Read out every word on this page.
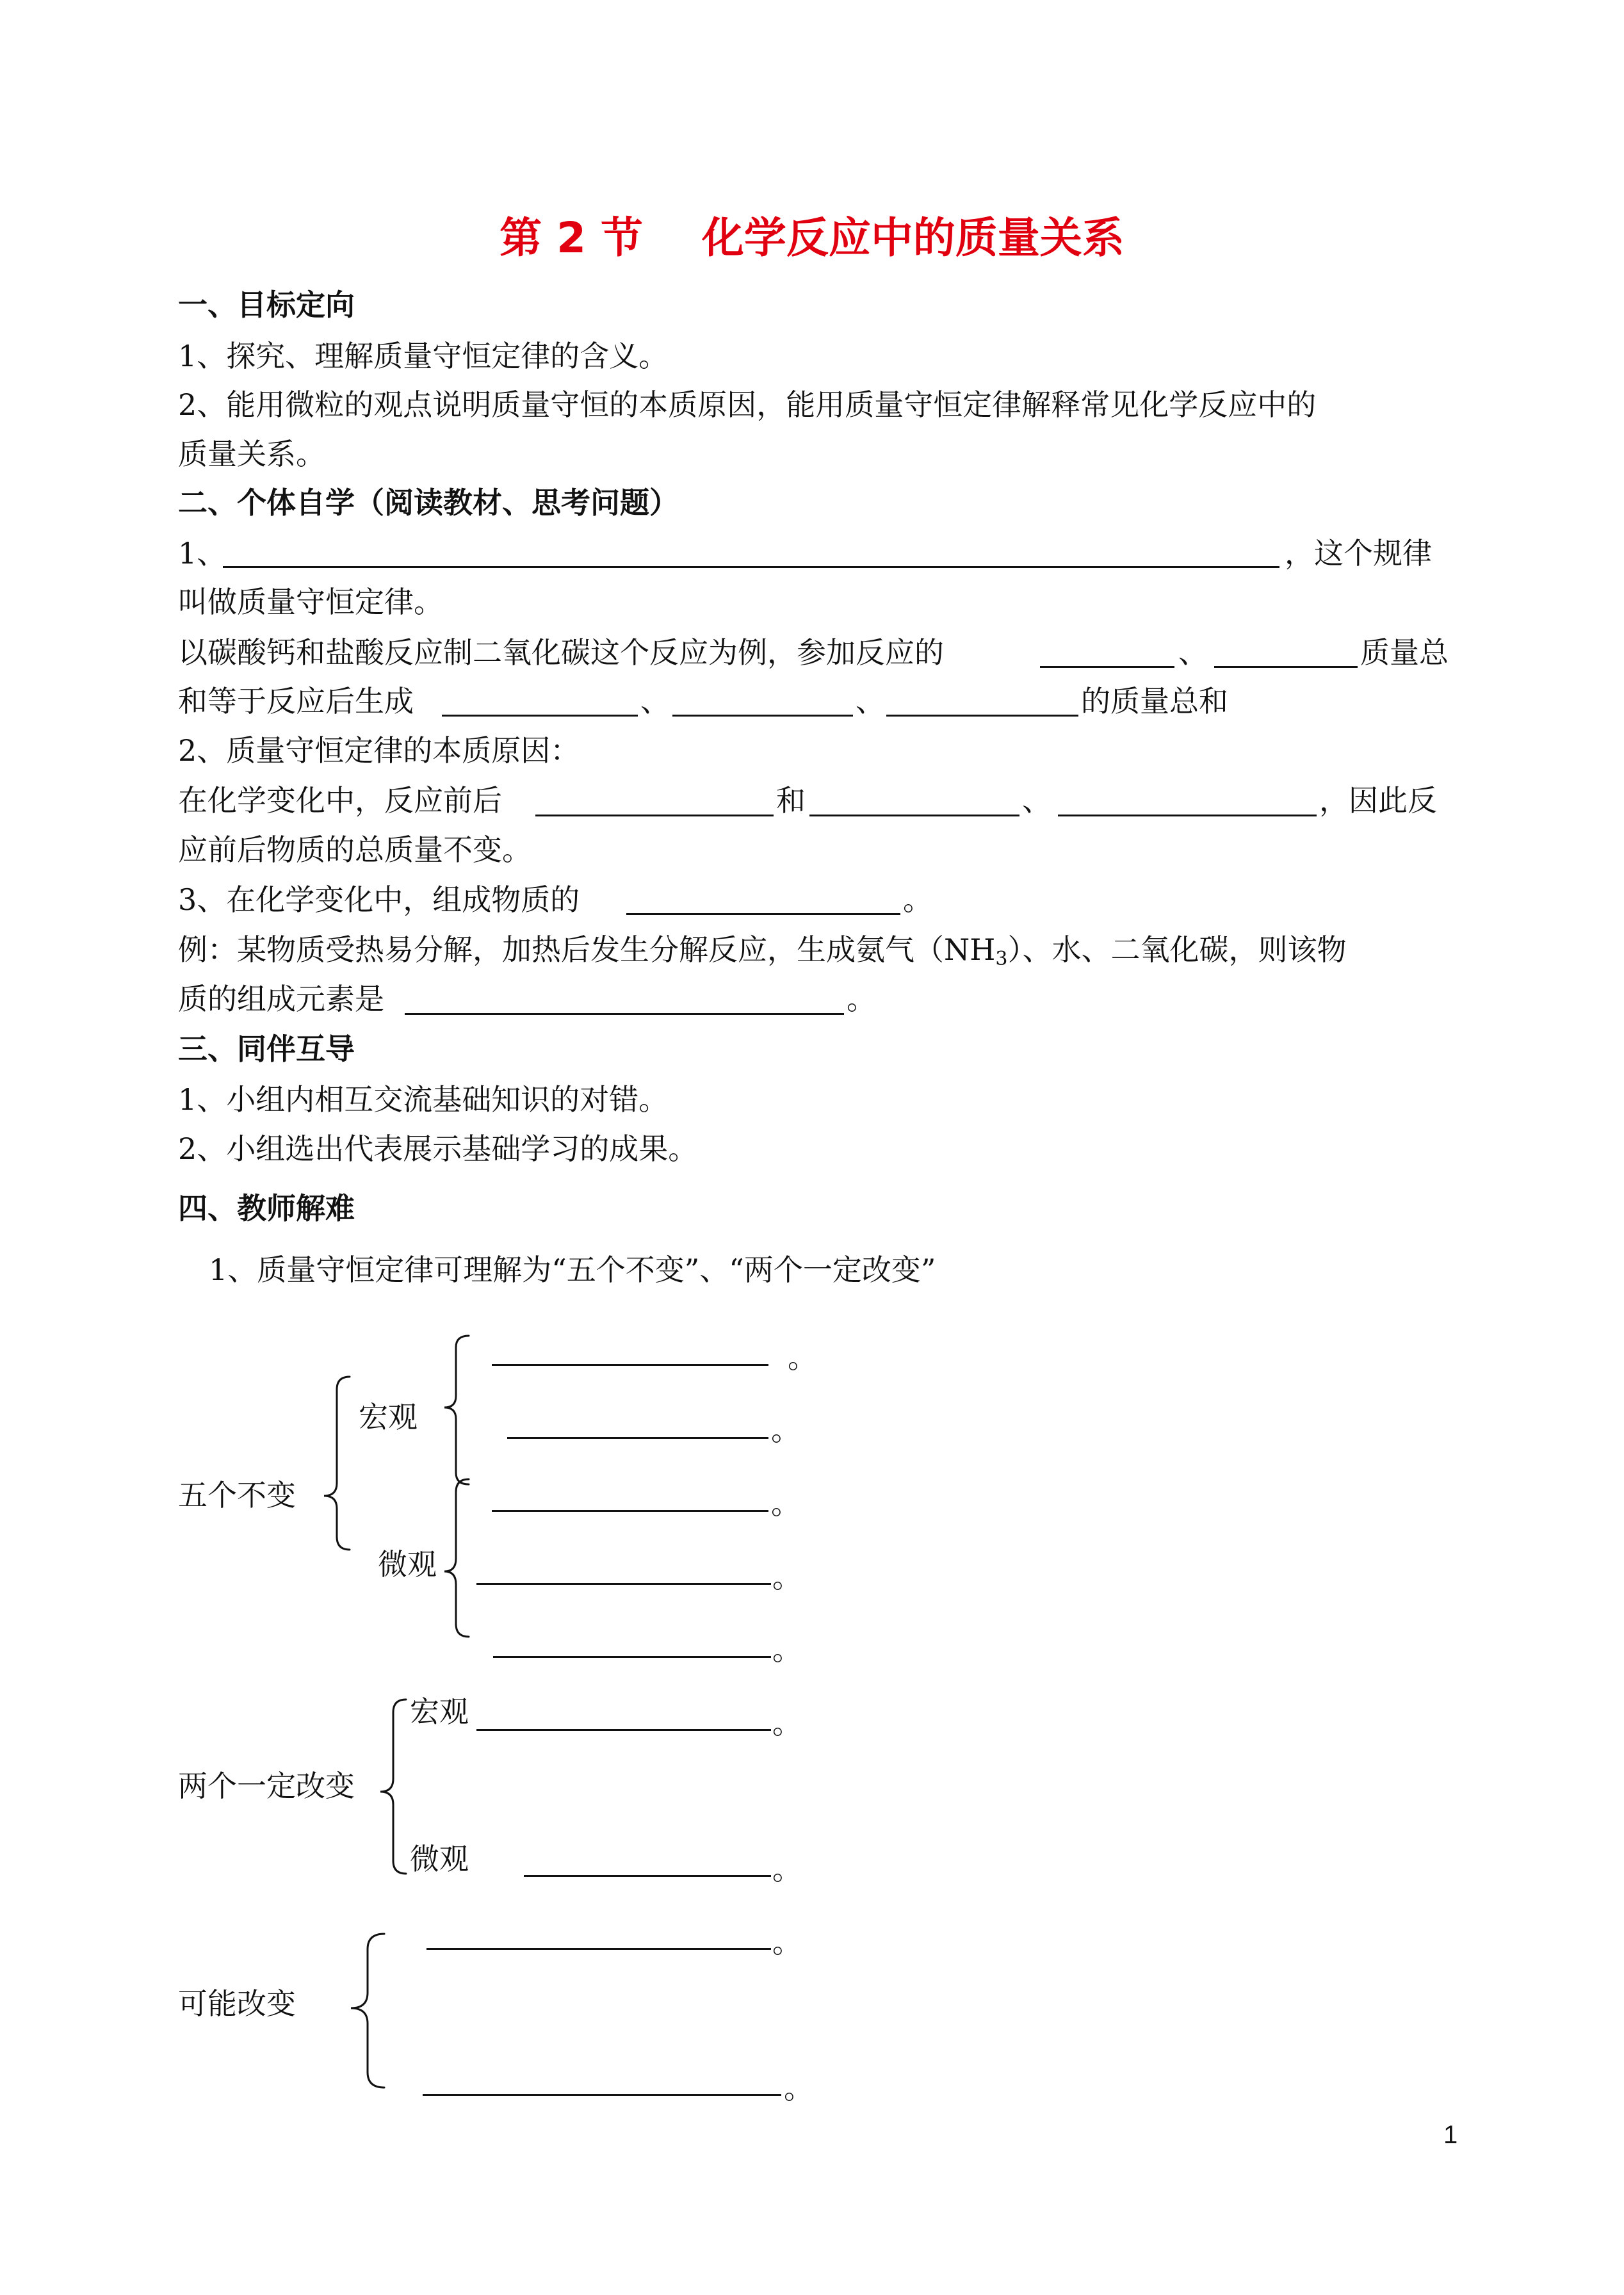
第 2 节    化学反应中的质量关系
一、目标定向
1、探究、理解质量守恒定律的含义。
2、能用微粒的观点说明质量守恒的本质原因，能用质量守恒定律解释常见化学反应中的
质量关系。
二、个体自学（阅读教材、思考问题）
1、	，这个规律
叫做质量守恒定律。
以碳酸钙和盐酸反应制二氧化碳这个反应为例，参加反应的	、	质量总
和等于反应后生成	、	、	的质量总和
2、质量守恒定律的本质原因：
在化学变化中，反应前后	和	、	，因此反
应前后物质的总质量不变。
3、在化学变化中，组成物质的	。
例：某物质受热易分解，加热后发生分解反应，生成氨气$(NH_3)$、水、二氧化碳，则该物
质的组成元素是	。
三、同伴互导
1、小组内相互交流基础知识的对错。
2、小组选出代表展示基础学习的成果。
四、教师解难
1、质量守恒定律可理解为“五个不变”、“两个一定改变”
五个不变
宏观
微观
。
。
。
。
。
两个一定改变
宏观	。
微观	。
可能改变
。
。
1
